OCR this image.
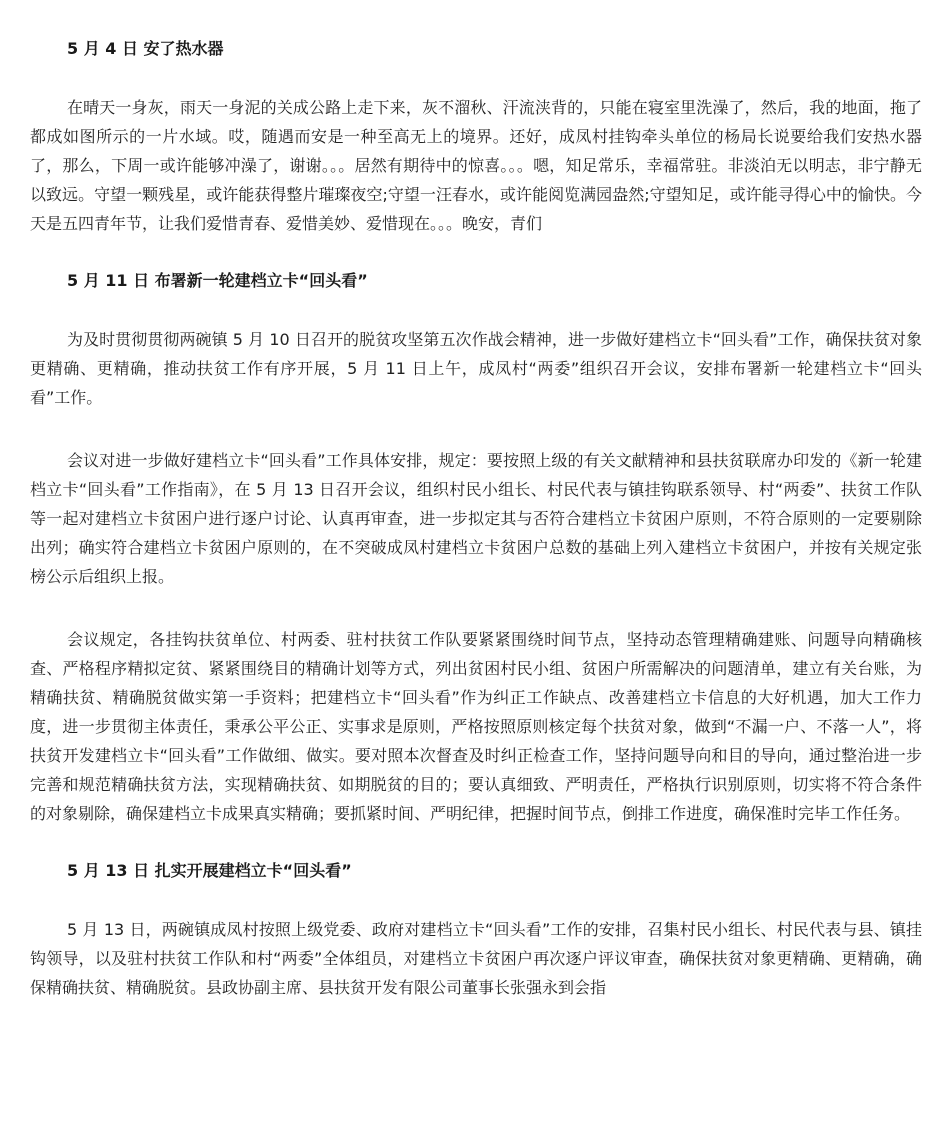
5 月 4 日 安了热水器

在晴天一身灰，雨天一身泥的关成公路上走下来，灰不溜秋、汗流浃背的，只能在寝室里洗澡了，然后，我的地面，拖了都成如图所示的一片水域。哎，随遇而安是一种至高无上的境界。还好，成凤村挂钩牵头单位的杨局长说要给我们安热水器了，那么，下周一或许能够冲澡了，谢谢。。。居然有期待中的惊喜。。。嗯，知足常乐，幸福常驻。非淡泊无以明志，非宁静无以致远。守望一颗残星，或许能获得整片璀璨夜空;守望一汪春水，或许能阅览满园盎然;守望知足，或许能寻得心中的愉快。今天是五四青年节，让我们爱惜青春、爱惜美妙、爱惜现在。。。晚安，青们

5 月 11 日 布署新一轮建档立卡“回头看”

为及时贯彻贯彻两碗镇 5 月 10 日召开的脱贫攻坚第五次作战会精神，进一步做好建档立卡“回头看”工作，确保扶贫对象更精确、更精确，推动扶贫工作有序开展，5 月 11 日上午，成凤村“两委”组织召开会议，安排布署新一轮建档立卡“回头看”工作。

会议对进一步做好建档立卡“回头看”工作具体安排，规定：要按照上级的有关文献精神和县扶贫联席办印发的《新一轮建档立卡“回头看”工作指南》，在 5 月 13 日召开会议，组织村民小组长、村民代表与镇挂钩联系领导、村“两委”、扶贫工作队等一起对建档立卡贫困户进行逐户讨论、认真再审查，进一步拟定其与否符合建档立卡贫困户原则，不符合原则的一定要剔除出列；确实符合建档立卡贫困户原则的，在不突破成凤村建档立卡贫困户总数的基础上列入建档立卡贫困户，并按有关规定张榜公示后组织上报。

会议规定，各挂钩扶贫单位、村两委、驻村扶贫工作队要紧紧围绕时间节点，坚持动态管理精确建账、问题导向精确核查、严格程序精拟定贫、紧紧围绕目的精确计划等方式，列出贫困村民小组、贫困户所需解决的问题清单，建立有关台账，为精确扶贫、精确脱贫做实第一手资料；把建档立卡“回头看”作为纠正工作缺点、改善建档立卡信息的大好机遇，加大工作力度，进一步贯彻主体责任，秉承公平公正、实事求是原则，严格按照原则核定每个扶贫对象，做到“不漏一户、不落一人”，将扶贫开发建档立卡“回头看”工作做细、做实。要对照本次督查及时纠正检查工作，坚持问题导向和目的导向，通过整治进一步完善和规范精确扶贫方法，实现精确扶贫、如期脱贫的目的；要认真细致、严明责任，严格执行识别原则，切实将不符合条件的对象剔除，确保建档立卡成果真实精确；要抓紧时间、严明纪律，把握时间节点，倒排工作进度，确保准时完毕工作任务。

5 月 13 日 扎实开展建档立卡“回头看”

5 月 13 日，两碗镇成凤村按照上级党委、政府对建档立卡“回头看”工作的安排，召集村民小组长、村民代表与县、镇挂钩领导，以及驻村扶贫工作队和村“两委”全体组员，对建档立卡贫困户再次逐户评议审查，确保扶贫对象更精确、更精确，确保精确扶贫、精确脱贫。县政协副主席、县扶贫开发有限公司董事长张强永到会指
